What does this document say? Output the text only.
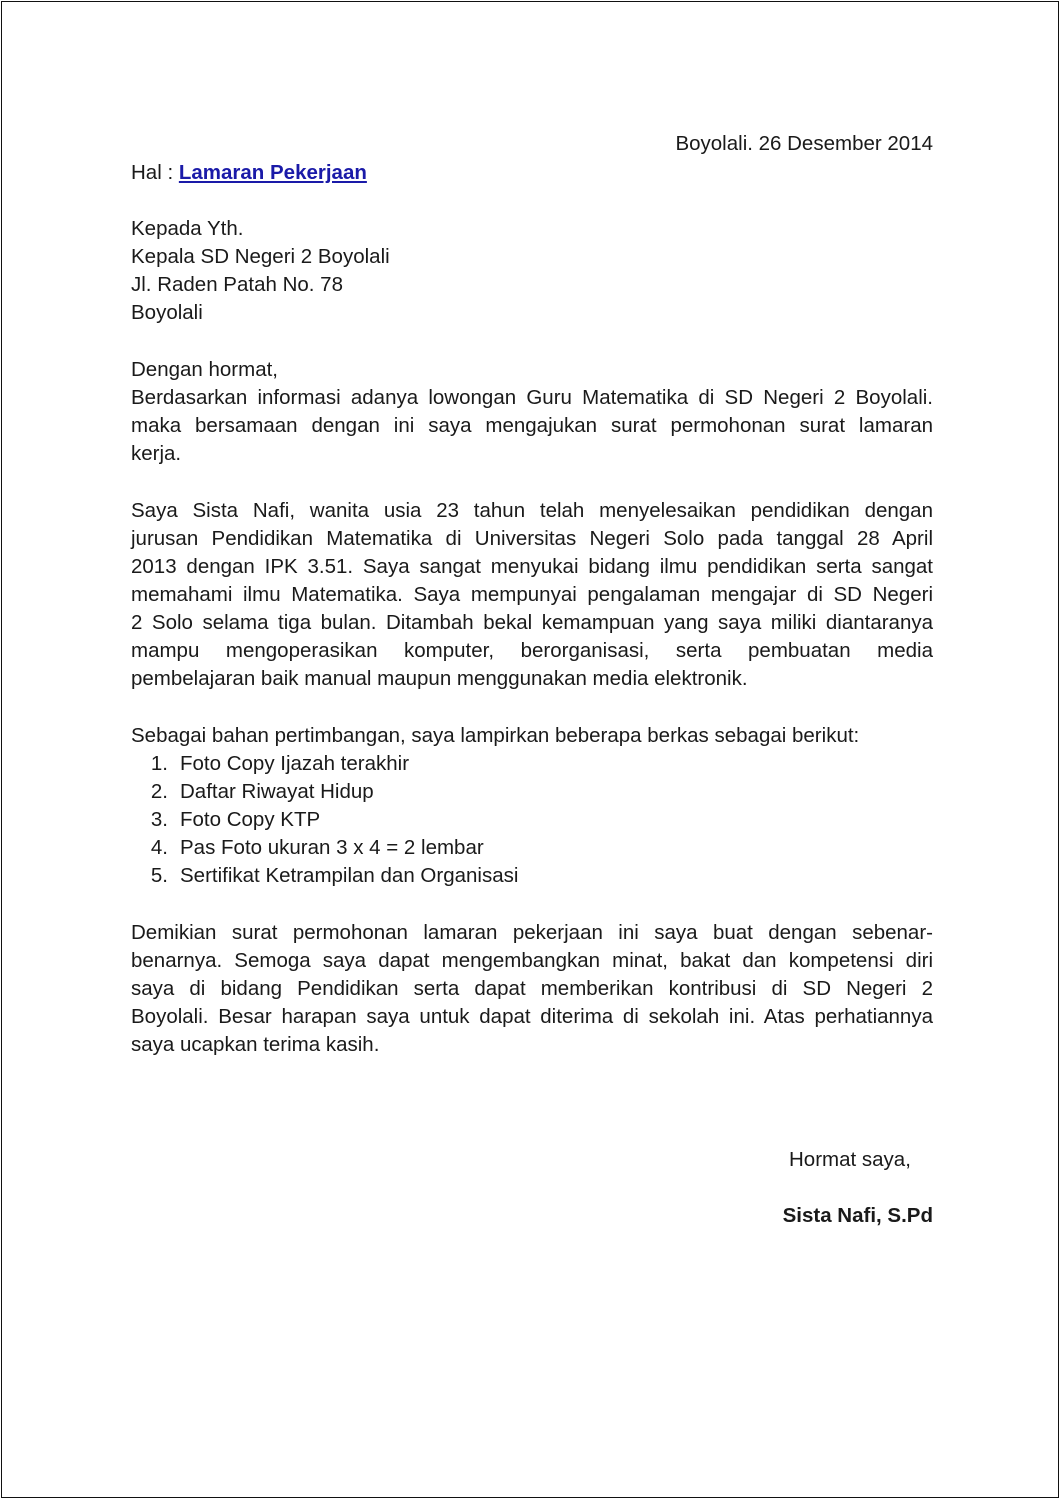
Boyolali. 26 Desember 2014

Hal : Lamaran Pekerjaan

Kepada Yth.

Kepala SD Negeri 2 Boyolali

Jl. Raden Patah No. 78

Boyolali

Dengan hormat,

Berdasarkan informasi adanya lowongan Guru Matematika di SD Negeri 2 Boyolali.

maka bersamaan dengan ini saya mengajukan surat permohonan surat lamaran

kerja.

Saya Sista Nafi, wanita usia 23 tahun telah menyelesaikan pendidikan dengan

jurusan Pendidikan Matematika di Universitas Negeri Solo pada tanggal 28 April

2013 dengan IPK 3.51. Saya sangat menyukai bidang ilmu pendidikan serta sangat

memahami ilmu Matematika. Saya mempunyai pengalaman mengajar di SD Negeri

2 Solo selama tiga bulan. Ditambah bekal kemampuan yang saya miliki diantaranya

mampu mengoperasikan komputer, berorganisasi, serta pembuatan media

pembelajaran baik manual maupun menggunakan media elektronik.

Sebagai bahan pertimbangan, saya lampirkan beberapa berkas sebagai berikut:

1. Foto Copy Ijazah terakhir

2. Daftar Riwayat Hidup

3. Foto Copy KTP

4. Pas Foto ukuran 3 x 4 = 2 lembar

5. Sertifikat Ketrampilan dan Organisasi

Demikian surat permohonan lamaran pekerjaan ini saya buat dengan sebenar-

benarnya. Semoga saya dapat mengembangkan minat, bakat dan kompetensi diri

saya di bidang Pendidikan serta dapat memberikan kontribusi di SD Negeri 2

Boyolali. Besar harapan saya untuk dapat diterima di sekolah ini. Atas perhatiannya

saya ucapkan terima kasih.

Hormat saya,

Sista Nafi, S.Pd
